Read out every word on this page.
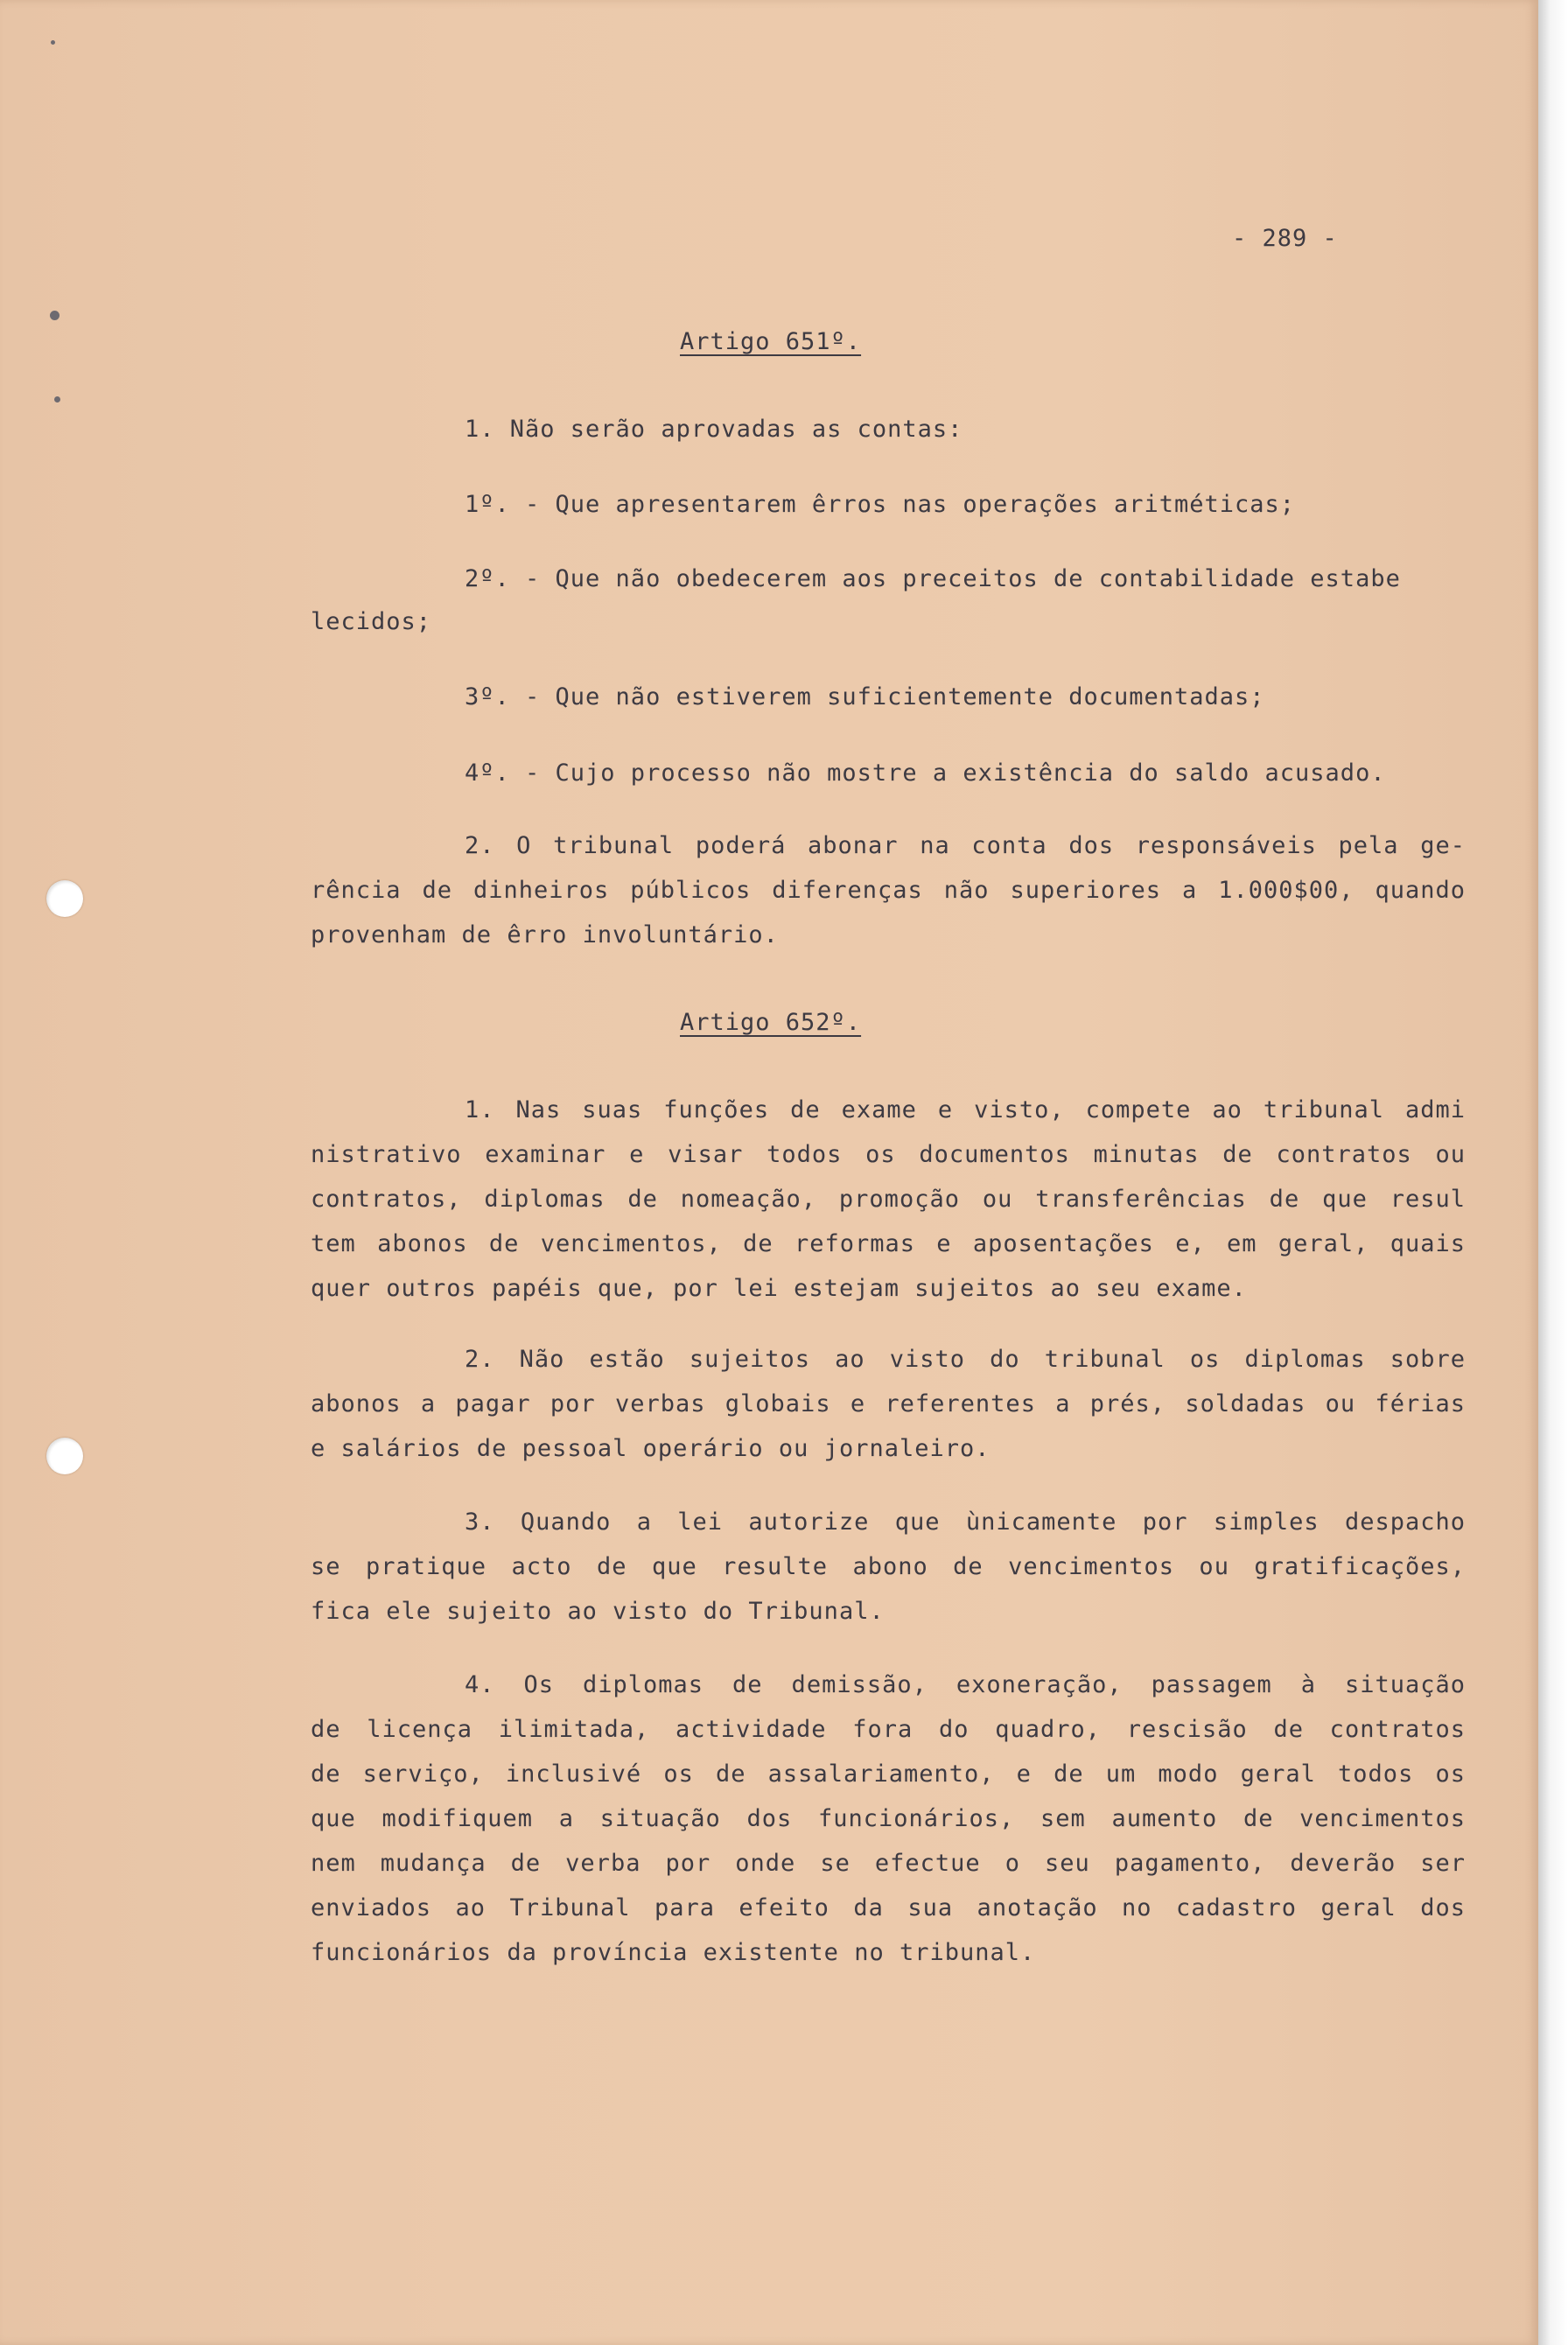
- 289 -
Artigo 651º.
1. Não serão aprovadas as contas:
1º. - Que apresentarem êrros nas operações aritméticas;
2º. - Que não obedecerem aos preceitos de contabilidade estabe
lecidos;
3º. - Que não estiverem suficientemente documentadas;
4º. - Cujo processo não mostre a existência do saldo acusado.
2. O tribunal poderá abonar na conta dos responsáveis pela ge-
rência de dinheiros públicos diferenças não superiores a 1.000$00, quando
provenham de êrro involuntário.
Artigo 652º.
1. Nas suas funções de exame e visto, compete ao tribunal admi
nistrativo examinar e visar todos os documentos minutas de contratos ou
contratos, diplomas de nomeação, promoção ou transferências de que resul
tem abonos de vencimentos, de reformas e aposentações e, em geral, quais
quer outros papéis que, por lei estejam sujeitos ao seu exame.
2. Não estão sujeitos ao visto do tribunal os diplomas sobre
abonos a pagar por verbas globais e referentes a prés, soldadas ou férias
e salários de pessoal operário ou jornaleiro.
3. Quando a lei autorize que ùnicamente por simples despacho
se pratique acto de que resulte abono de vencimentos ou gratificações,
fica ele sujeito ao visto do Tribunal.
4. Os diplomas de demissão, exoneração, passagem à situação
de licença ilimitada, actividade fora do quadro, rescisão de contratos
de serviço, inclusivé os de assalariamento, e de um modo geral todos os
que modifiquem a situação dos funcionários, sem aumento de vencimentos
nem mudança de verba por onde se efectue o seu pagamento, deverão ser
enviados ao Tribunal para efeito da sua anotação no cadastro geral dos
funcionários da província existente no tribunal.
